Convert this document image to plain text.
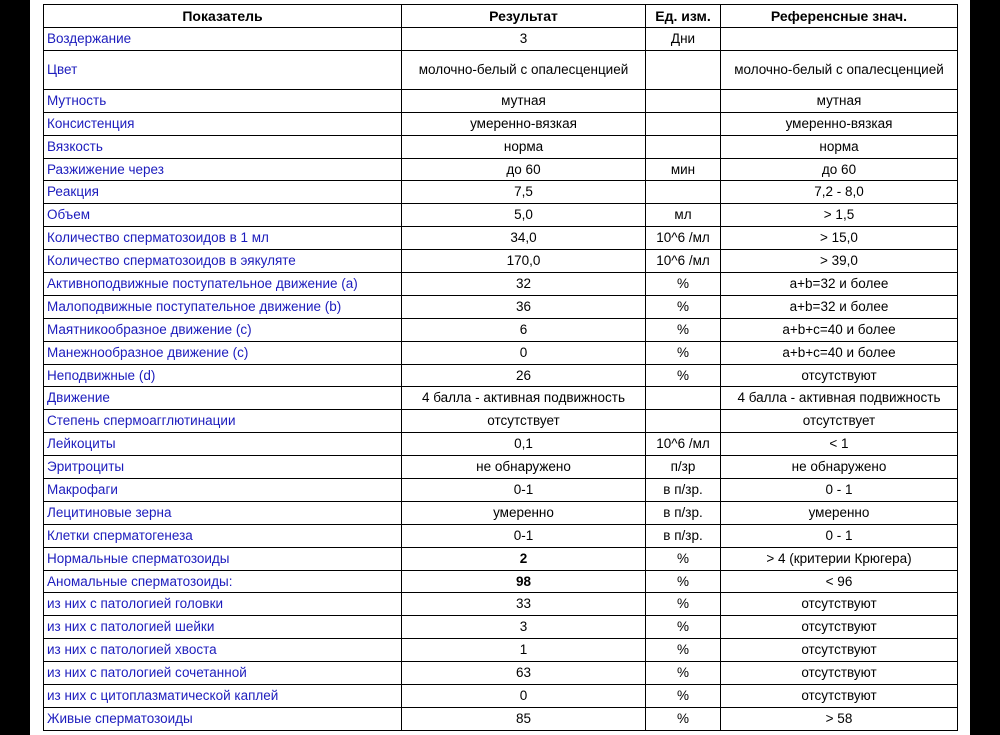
Показатель	Результат	Ед. изм.	Референсные знач.
Воздержание	3	Дни	
Цвет	молочно-белый с опалесценцией		молочно-белый с опалесценцией
Мутность	мутная		мутная
Консистенция	умеренно-вязкая		умеренно-вязкая
Вязкость	норма		норма
Разжижение через	до 60	мин	до 60
Реакция	7,5		7,2 - 8,0
Объем	5,0	мл	> 1,5
Количество сперматозоидов в 1 мл	34,0	10^6 /мл	> 15,0
Количество сперматозоидов в эякуляте	170,0	10^6 /мл	> 39,0
Активноподвижные поступательное движение (a)	32	%	a+b=32 и более
Малоподвижные поступательное движение (b)	36	%	a+b=32 и более
Маятникообразное движение (c)	6	%	a+b+c=40 и более
Манежнообразное движение (c)	0	%	a+b+c=40 и более
Неподвижные (d)	26	%	отсутствуют
Движение	4 балла - активная подвижность		4 балла - активная подвижность
Степень спермоагглютинации	отсутствует		отсутствует
Лейкоциты	0,1	10^6 /мл	< 1
Эритроциты	не обнаружено	п/зр	не обнаружено
Макрофаги	0-1	в п/зр.	0 - 1
Лецитиновые зерна	умеренно	в п/зр.	умеренно
Клетки сперматогенеза	0-1	в п/зр.	0 - 1
Нормальные сперматозоиды	2	%	> 4 (критерии Крюгера)
Аномальные сперматозоиды:	98	%	< 96
из них с патологией головки	33	%	отсутствуют
из них с патологией шейки	3	%	отсутствуют
из них с патологией хвоста	1	%	отсутствуют
из них с патологией сочетанной	63	%	отсутствуют
из них с цитоплазматической каплей	0	%	отсутствуют
Живые сперматозоиды	85	%	> 58
